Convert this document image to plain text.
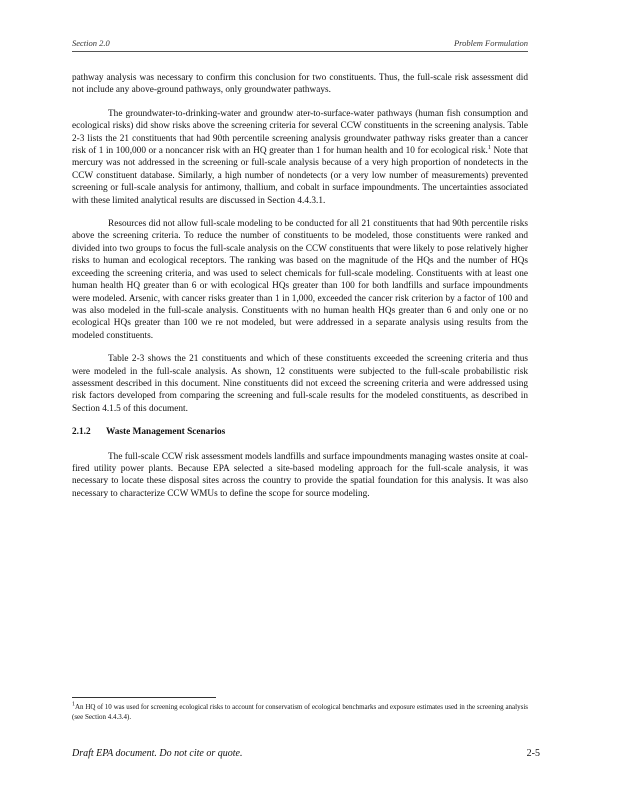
Section 2.0	Problem Formulation

pathway analysis was necessary to confirm this conclusion for two constituents. Thus, the full-scale risk assessment did not include any above-ground pathways, only groundwater pathways.

The groundwater-to-drinking-water and groundw ater-to-surface-water pathways (human fish consumption and ecological risks) did show risks above the screening criteria for several CCW constituents in the screening analysis. Table 2-3 lists the 21 constituents that had 90th percentile screening analysis groundwater pathway risks greater than a cancer risk of 1 in 100,000 or a noncancer risk with an HQ greater than 1 for human health and 10 for ecological risk.$^1$ Note that mercury was not addressed in the screening or full-scale analysis because of a very high proportion of nondetects in the CCW constituent database. Similarly, a high number of nondetects (or a very low number of measurements) prevented screening or full-scale analysis for antimony, thallium, and cobalt in surface impoundments. The uncertainties associated with these limited analytical results are discussed in Section 4.4.3.1.

Resources did not allow full-scale modeling to be conducted for all 21 constituents that had 90th percentile risks above the screening criteria. To reduce the number of constituents to be modeled, those constituents were ranked and divided into two groups to focus the full-scale analysis on the CCW constituents that were likely to pose relatively higher risks to human and ecological receptors. The ranking was based on the magnitude of the HQs and the number of HQs exceeding the screening criteria, and was used to select chemicals for full-scale modeling. Constituents with at least one human health HQ greater than 6 or with ecological HQs greater than 100 for both landfills and surface impoundments were modeled. Arsenic, with cancer risks greater than 1 in 1,000, exceeded the cancer risk criterion by a factor of 100 and was also modeled in the full-scale analysis. Constituents with no human health HQs greater than 6 and only one or no ecological HQs greater than 100 we re not modeled, but were addressed in a separate analysis using results from the modeled constituents.

Table 2-3 shows the 21 constituents and which of these constituents exceeded the screening criteria and thus were modeled in the full-scale analysis. As shown, 12 constituents were subjected to the full-scale probabilistic risk assessment described in this document. Nine constituents did not exceed the screening criteria and were addressed using risk factors developed from comparing the screening and full-scale results for the modeled constituents, as described in Section 4.1.5 of this document.

2.1.2 Waste Management Scenarios

The full-scale CCW risk assessment models landfills and surface impoundments managing wastes onsite at coal-fired utility power plants. Because EPA selected a site-based modeling approach for the full-scale analysis, it was necessary to locate these disposal sites across the country to provide the spatial foundation for this analysis. It was also necessary to characterize CCW WMUs to define the scope for source modeling.

$^1$An HQ of 10 was used for screening ecological risks to account for conservatism of ecological benchmarks and exposure estimates used in the screening analysis (see Section 4.4.3.4).
Draft EPA document. Do not cite or quote.	2-5
